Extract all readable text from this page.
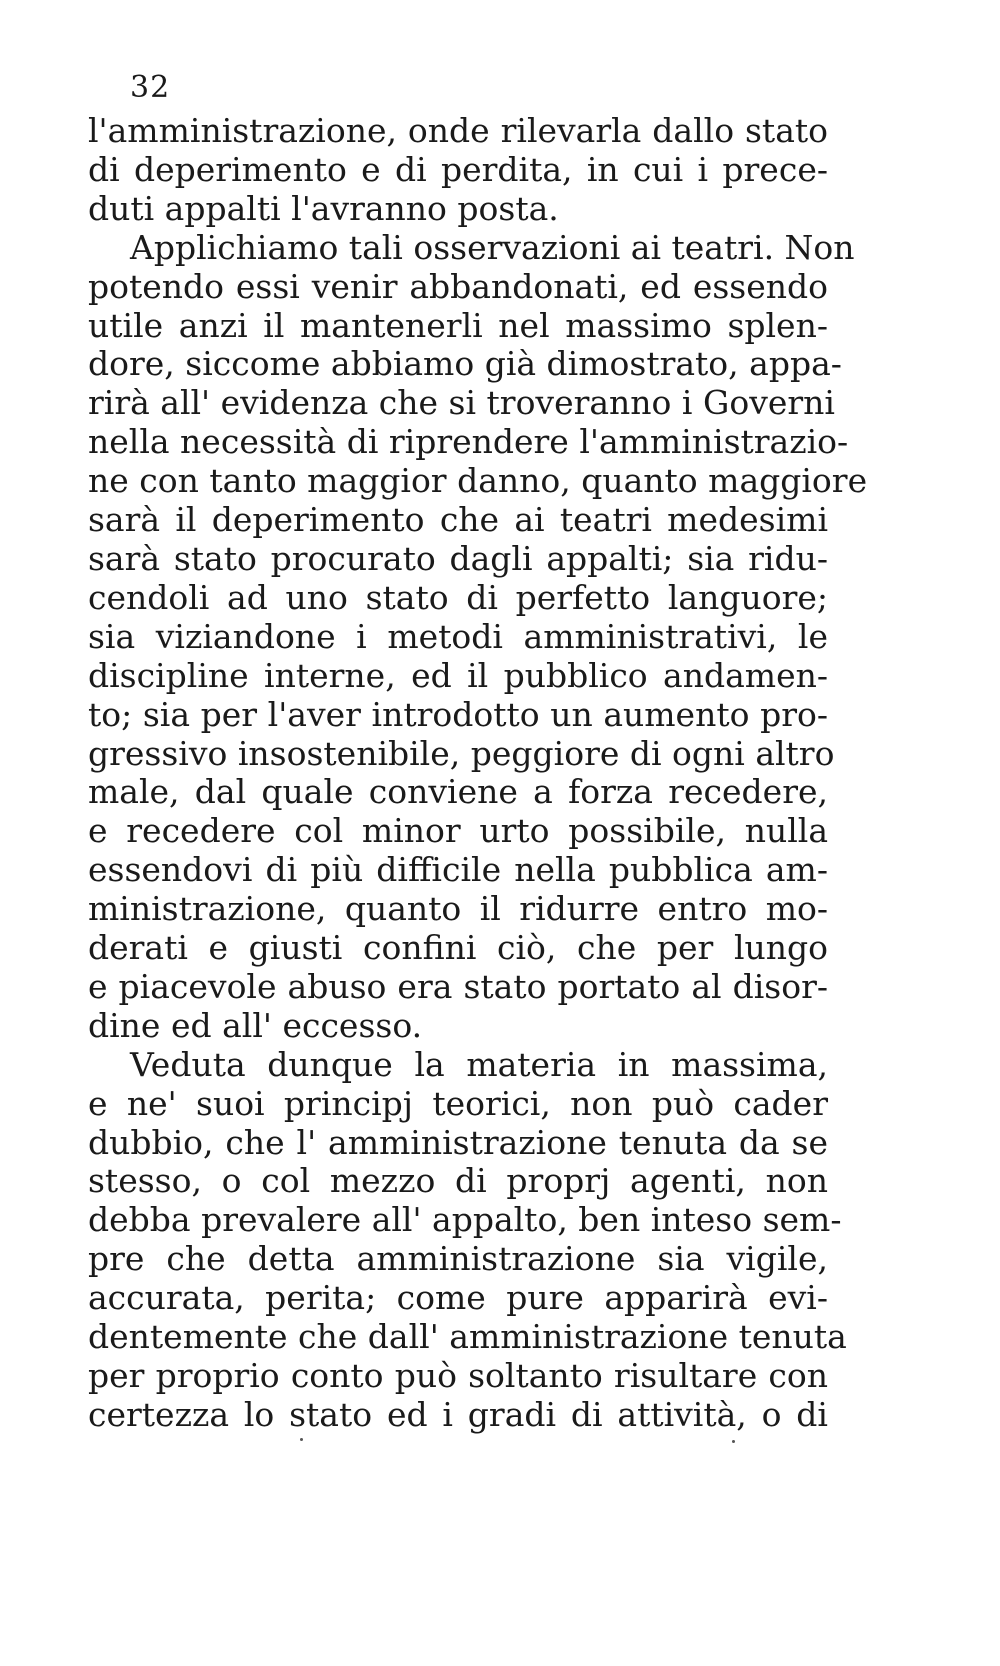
32
l'amministrazione, onde rilevarla dallo stato
di deperimento e di perdita, in cui i prece-
duti appalti l'avranno posta.
Applichiamo tali osservazioni ai teatri. Non
potendo essi venir abbandonati, ed essendo
utile anzi il mantenerli nel massimo splen-
dore, siccome abbiamo già dimostrato, appa-
rirà all' evidenza che si troveranno i Governi
nella necessità di riprendere l'amministrazio-
ne con tanto maggior danno, quanto maggiore
sarà il deperimento che ai teatri medesimi
sarà stato procurato dagli appalti; sia ridu-
cendoli ad uno stato di perfetto languore;
sia viziandone i metodi amministrativi, le
discipline interne, ed il pubblico andamen-
to; sia per l'aver introdotto un aumento pro-
gressivo insostenibile, peggiore di ogni altro
male, dal quale conviene a forza recedere,
e recedere col minor urto possibile, nulla
essendovi di più difficile nella pubblica am-
ministrazione, quanto il ridurre entro mo-
derati e giusti confini ciò, che per lungo
e piacevole abuso era stato portato al disor-
dine ed all' eccesso.
Veduta dunque la materia in massima,
e ne' suoi principj teorici, non può cader
dubbio, che l' amministrazione tenuta da se
stesso, o col mezzo di proprj agenti, non
debba prevalere all' appalto, ben inteso sem-
pre che detta amministrazione sia vigile,
accurata, perita; come pure apparirà evi-
dentemente che dall' amministrazione tenuta
per proprio conto può soltanto risultare con
certezza lo stato ed i gradi di attività, o di
